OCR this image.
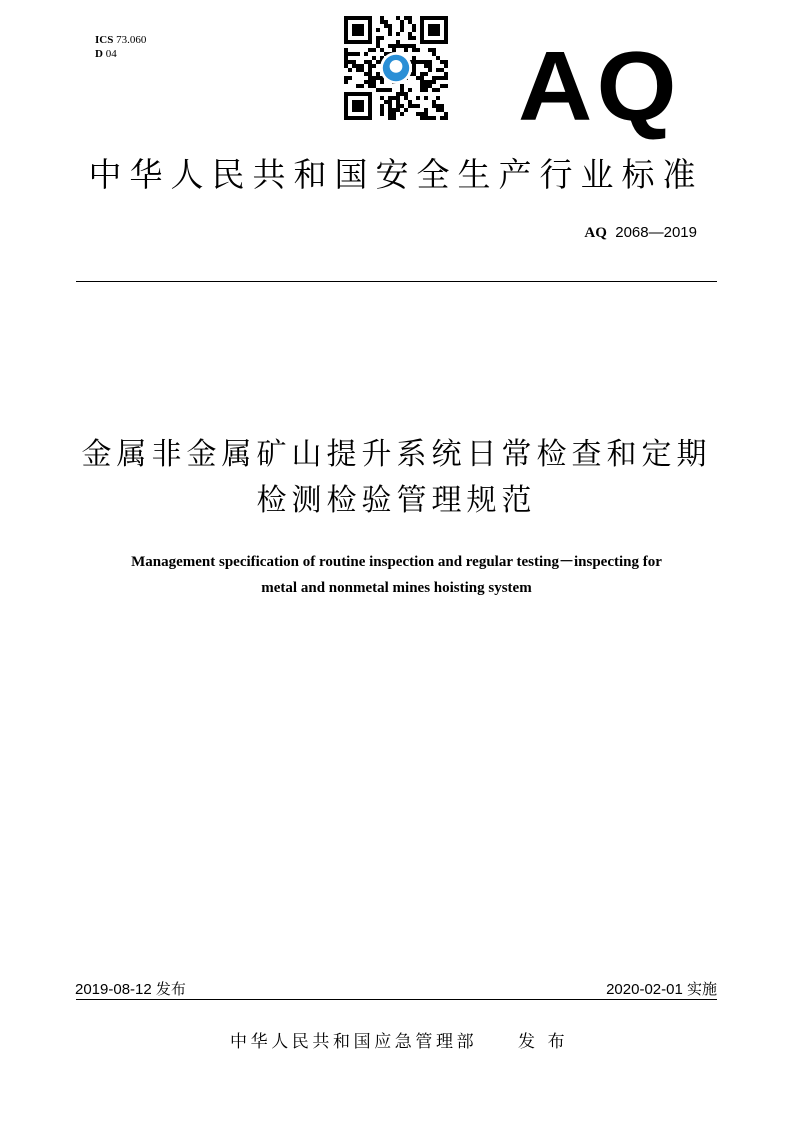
ICS 73.060
D 04	AQ
中华人民共和国安全生产行业标准
AQ 2068—2019
金属非金属矿山提升系统日常检查和定期
检测检验管理规范
Management specification of routine inspection and regular testing－inspecting for
metal and nonmetal mines hoisting system
2019-08-12 发布	2020-02-01 实施
中华人民共和国应急管理部 发 布
